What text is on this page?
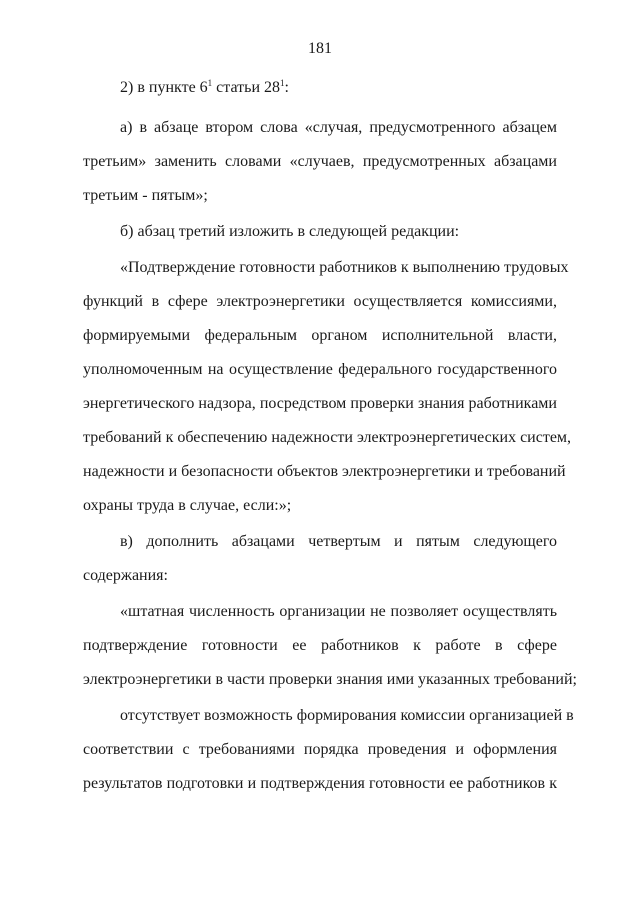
181
2) в пункте $6^1$ статьи $28^1$:
а) в абзаце втором слова «случая, предусмотренного абзацем
третьим» заменить словами «случаев, предусмотренных абзацами
третьим - пятым»;
б) абзац третий изложить в следующей редакции:
«Подтверждение готовности работников к выполнению трудовых
функций в сфере электроэнергетики осуществляется комиссиями,
формируемыми федеральным органом исполнительной власти,
уполномоченным на осуществление федерального государственного
энергетического надзора, посредством проверки знания работниками
требований к обеспечению надежности электроэнергетических систем,
надежности и безопасности объектов электроэнергетики и требований
охраны труда в случае, если:»;
в) дополнить абзацами четвертым и пятым следующего
содержания:
«штатная численность организации не позволяет осуществлять
подтверждение готовности ее работников к работе в сфере
электроэнергетики в части проверки знания ими указанных требований;
отсутствует возможность формирования комиссии организацией в
соответствии с требованиями порядка проведения и оформления
результатов подготовки и подтверждения готовности ее работников к
